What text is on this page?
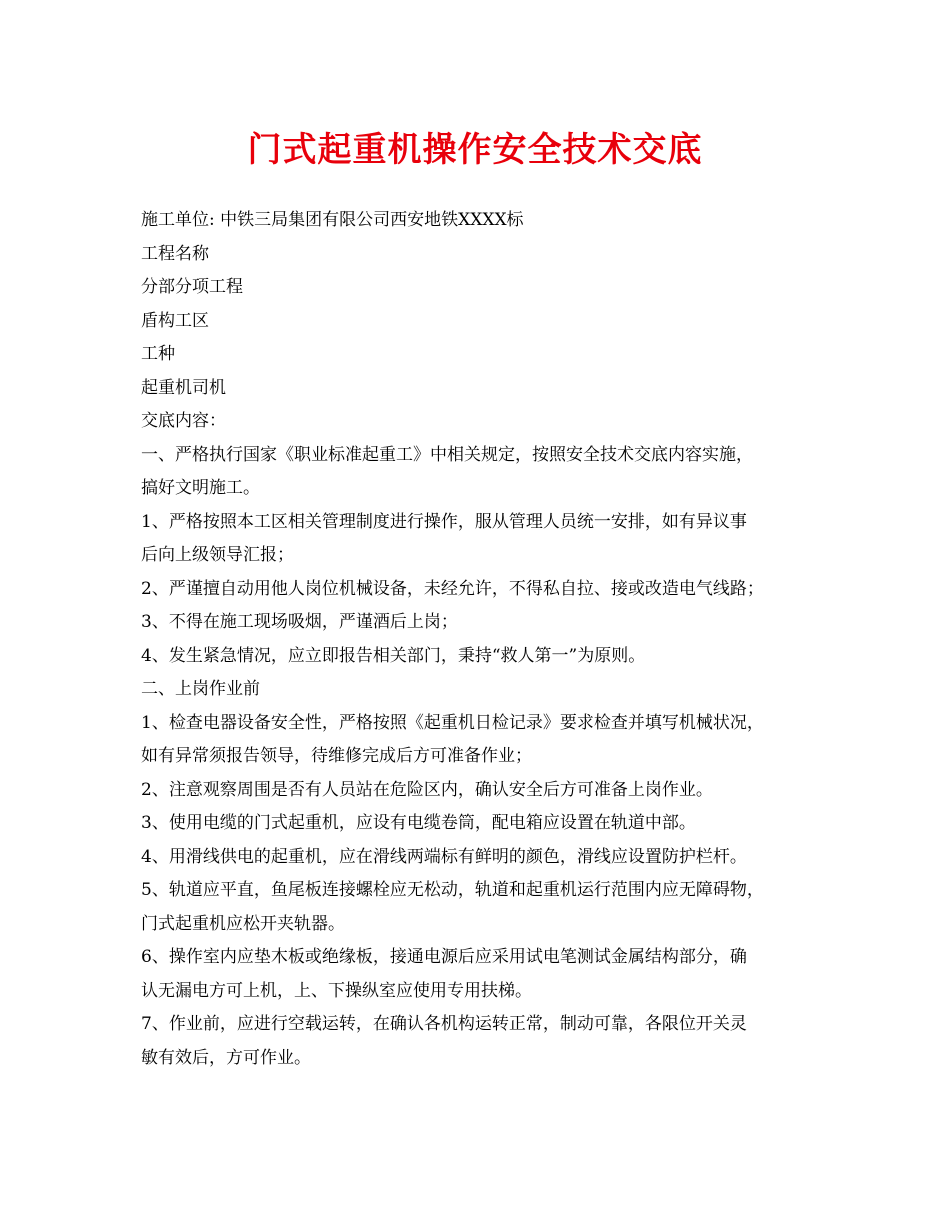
门式起重机操作安全技术交底
施工单位: 中铁三局集团有限公司西安地铁XXXX标
工程名称
分部分项工程
盾构工区
工种
起重机司机
交底内容：
一、严格执行国家《职业标准起重工》中相关规定，按照安全技术交底内容实施，
搞好文明施工。
1、严格按照本工区相关管理制度进行操作，服从管理人员统一安排，如有异议事
后向上级领导汇报；
2、严谨擅自动用他人岗位机械设备，未经允许，不得私自拉、接或改造电气线路；
3、不得在施工现场吸烟，严谨酒后上岗；
4、发生紧急情况，应立即报告相关部门，秉持“救人第一”为原则。
二、上岗作业前
1、检查电器设备安全性，严格按照《起重机日检记录》要求检查并填写机械状况，
如有异常须报告领导，待维修完成后方可准备作业；
2、注意观察周围是否有人员站在危险区内，确认安全后方可准备上岗作业。
3、使用电缆的门式起重机，应设有电缆卷筒，配电箱应设置在轨道中部。
4、用滑线供电的起重机，应在滑线两端标有鲜明的颜色，滑线应设置防护栏杆。
5、轨道应平直，鱼尾板连接螺栓应无松动，轨道和起重机运行范围内应无障碍物，
门式起重机应松开夹轨器。
6、操作室内应垫木板或绝缘板，接通电源后应采用试电笔测试金属结构部分，确
认无漏电方可上机，上、下操纵室应使用专用扶梯。
7、作业前，应进行空载运转，在确认各机构运转正常，制动可靠，各限位开关灵
敏有效后，方可作业。
